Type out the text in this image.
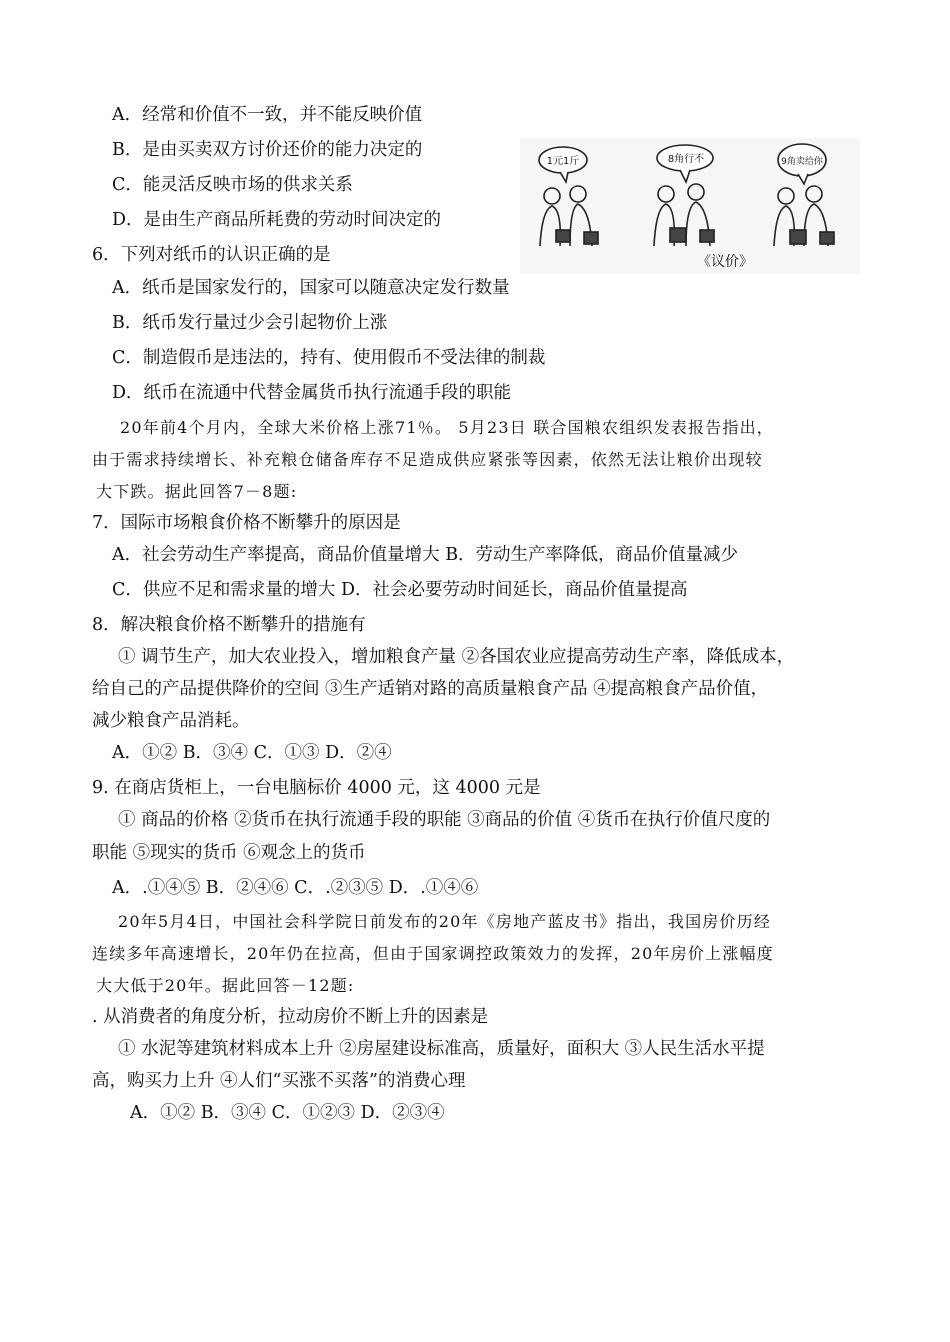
A．经常和价值不一致，并不能反映价值
B．是由买卖双方讨价还价的能力决定的
C．能灵活反映市场的供求关系
D．是由生产商品所耗费的劳动时间决定的
1元1斤	8角行不	9角卖给你
《议价》
6．下列对纸币的认识正确的是
A．纸币是国家发行的，国家可以随意决定发行数量
B．纸币发行量过少会引起物价上涨
C．制造假币是违法的，持有、使用假币不受法律的制裁
D．纸币在流通中代替金属货币执行流通手段的职能
20年前4个月内，全球大米价格上涨71％。 5月23日 联合国粮农组织发表报告指出，
由于需求持续增长、补充粮仓储备库存不足造成供应紧张等因素，依然无法让粮价出现较
大下跌。据此回答7－8题:
7．国际市场粮食价格不断攀升的原因是
A．社会劳动生产率提高，商品价值量增大 B．劳动生产率降低，商品价值量减少
C．供应不足和需求量的增大 D．社会必要劳动时间延长，商品价值量提高
8．解决粮食价格不断攀升的措施有
① 调节生产，加大农业投入，增加粮食产量 ②各国农业应提高劳动生产率，降低成本，
给自己的产品提供降价的空间 ③生产适销对路的高质量粮食产品 ④提高粮食产品价值，
减少粮食产品消耗。
A．①② B．③④ C．①③ D．②④
9. 在商店货柜上，一台电脑标价 4000 元，这 4000 元是
① 商品的价格 ②货币在执行流通手段的职能 ③商品的价值 ④货币在执行价值尺度的
职能 ⑤现实的货币 ⑥观念上的货币
A．.①④⑤ B．②④⑥ C．.②③⑤ D．.①④⑥
20年5月4日，中国社会科学院日前发布的20年《房地产蓝皮书》指出，我国房价历经
连续多年高速增长，20年仍在拉高，但由于国家调控政策效力的发挥，20年房价上涨幅度
大大低于20年。据此回答－12题:
. 从消费者的角度分析，拉动房价不断上升的因素是
① 水泥等建筑材料成本上升 ②房屋建设标准高，质量好，面积大 ③人民生活水平提
高，购买力上升 ④人们“买涨不买落”的消费心理
A．①② B．③④ C．①②③ D．②③④
